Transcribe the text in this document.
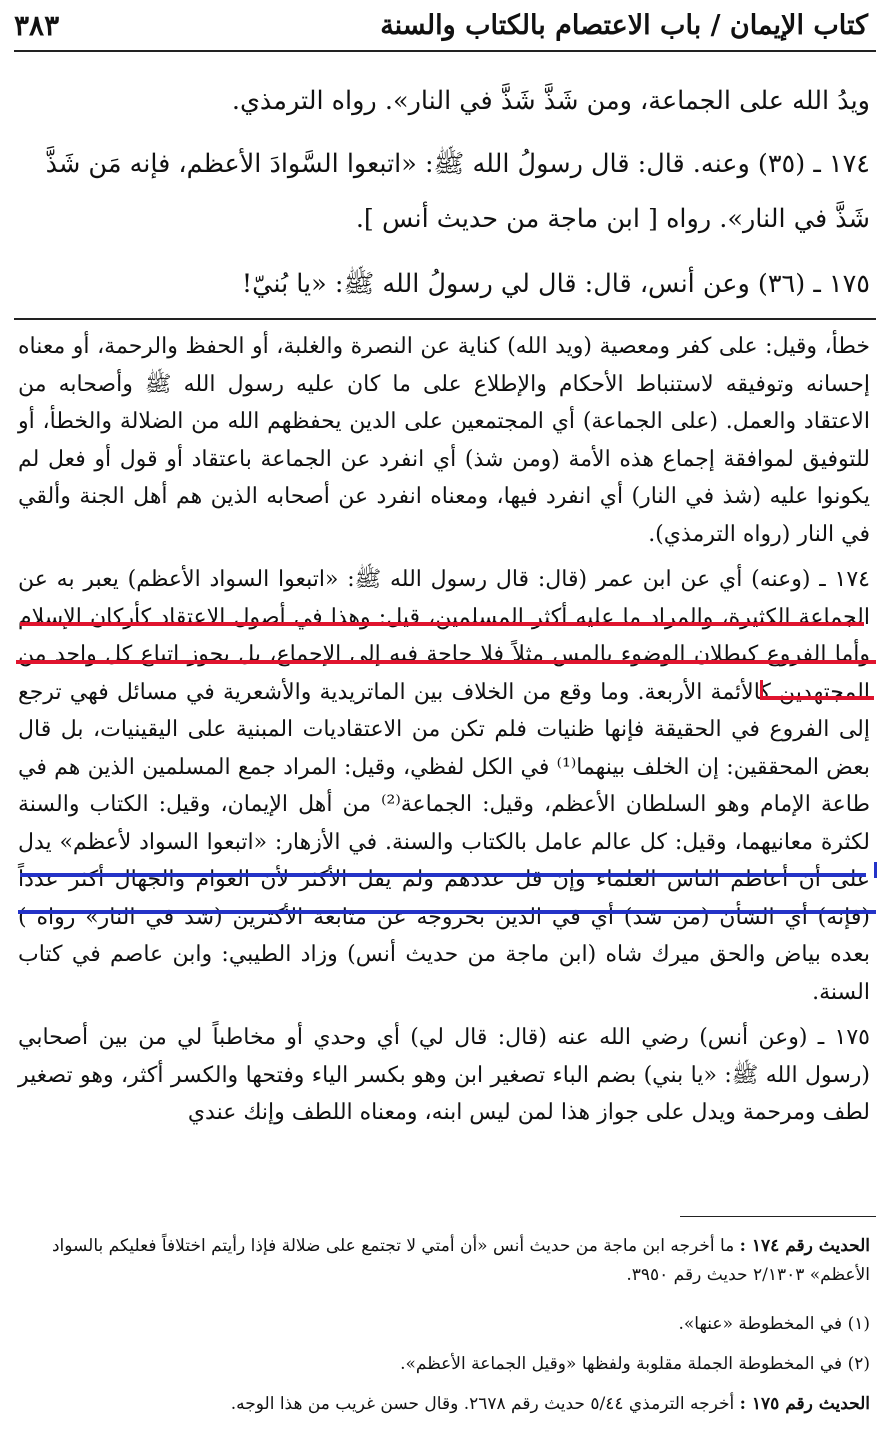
كتاب الإيمان / باب الاعتصام بالكتاب والسنة
٣٨٣

ويدُ الله على الجماعة، ومن شَذَّ شَذَّ في النار». رواه الترمذي.

١٧٤ ـ (٣٥) وعنه. قال: قال رسولُ الله ﷺ: «اتبعوا السَّوادَ الأعظم، فإنه مَن شَذَّ

شَذَّ في النار». رواه [ ابن ماجة من حديث أنس ].

١٧٥ ـ (٣٦) وعن أنس، قال: قال لي رسولُ الله ﷺ: «يا بُنيّ!

خطأ، وقيل: على كفر ومعصية (ويد الله) كناية عن النصرة والغلبة، أو الحفظ والرحمة، أو معناه إحسانه وتوفيقه لاستنباط الأحكام والإطلاع على ما كان عليه رسول الله ﷺ وأصحابه من الاعتقاد والعمل. (على الجماعة) أي المجتمعين على الدين يحفظهم الله من الضلالة والخطأ، أو للتوفيق لموافقة إجماع هذه الأمة (ومن شذ) أي انفرد عن الجماعة باعتقاد أو قول أو فعل لم يكونوا عليه (شذ في النار) أي انفرد فيها، ومعناه انفرد عن أصحابه الذين هم أهل الجنة وألقي في النار (رواه الترمذي).

١٧٤ ـ (وعنه) أي عن ابن عمر (قال: قال رسول الله ﷺ: «اتبعوا السواد الأعظم) يعبر به عن الجماعة الكثيرة، والمراد ما عليه أكثر المسلمين، قيل: وهذا في أصول الاعتقاد كأركان الإسلام وأما الفروع كبطلان الوضوء بالمس مثلاً فلا حاجة فيه إلى الإجماع، بل يجوز اتباع كل واحد من المجتهدين كالأئمة الأربعة. وما وقع من الخلاف بين الماتريدية والأشعرية في مسائل فهي ترجع إلى الفروع في الحقيقة فإنها ظنيات فلم تكن من الاعتقاديات المبنية على اليقينيات، بل قال بعض المحققين: إن الخلف بينهما⁽¹⁾ في الكل لفظي، وقيل: المراد جمع المسلمين الذين هم في طاعة الإمام وهو السلطان الأعظم، وقيل: الجماعة⁽²⁾ من أهل الإيمان، وقيل: الكتاب والسنة لكثرة معانيهما، وقيل: كل عالم عامل بالكتاب والسنة. في الأزهار: «اتبعوا السواد لأعظم» يدل على أن أعاظم الناس العلماء وإن قل عددهم ولم يقل الأكثر لأن العوام والجهال أكثر عدداً (فإنه) أي الشأن (من شذ) أي في الدين بخروجه عن متابعة الأكثرين (شذ في النار» رواه ) بعده بياض والحق ميرك شاه (ابن ماجة من حديث أنس) وزاد الطيبي: وابن عاصم في كتاب السنة.

١٧٥ ـ (وعن أنس) رضي الله عنه (قال: قال لي) أي وحدي أو مخاطباً لي من بين أصحابي (رسول الله ﷺ: «يا بني) بضم الباء تصغير ابن وهو بكسر الياء وفتحها والكسر أكثر، وهو تصغير لطف ومرحمة ويدل على جواز هذا لمن ليس ابنه، ومعناه اللطف وإنك عندي

الحديث رقم ١٧٤ : ما أخرجه ابن ماجة من حديث أنس «أن أمتي لا تجتمع على ضلالة فإذا رأيتم اختلافاً فعليكم بالسواد الأعظم» ٢/١٣٠٣ حديث رقم ٣٩٥٠.
(١) في المخطوطة «عنها».
(٢) في المخطوطة الجملة مقلوبة ولفظها «وقيل الجماعة الأعظم».
الحديث رقم ١٧٥ : أخرجه الترمذي ٥/٤٤ حديث رقم ٢٦٧٨. وقال حسن غريب من هذا الوجه.
